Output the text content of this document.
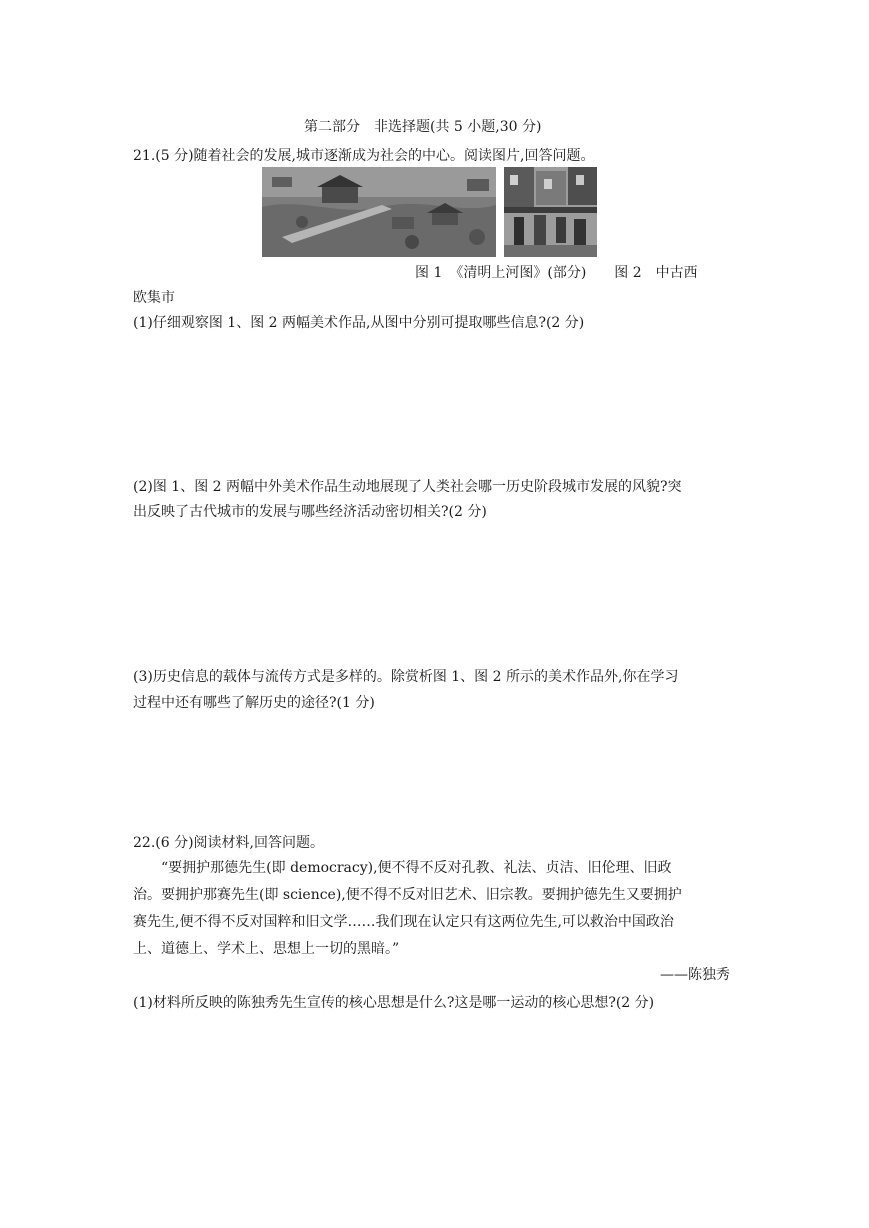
第二部分　非选择题(共 5 小题,30 分)
21.(5 分)随着社会的发展,城市逐渐成为社会的中心。阅读图片,回答问题。
图 1　《清明上河图》(部分)　　图 2　中古西
欧集市
(1)仔细观察图 1、图 2 两幅美术作品,从图中分别可提取哪些信息?(2 分)
(2)图 1、图 2 两幅中外美术作品生动地展现了人类社会哪一历史阶段城市发展的风貌?突
出反映了古代城市的发展与哪些经济活动密切相关?(2 分)
(3)历史信息的载体与流传方式是多样的。除赏析图 1、图 2 所示的美术作品外,你在学习
过程中还有哪些了解历史的途径?(1 分)
22.(6 分)阅读材料,回答问题。
“要拥护那德先生(即 democracy),便不得不反对孔教、礼法、贞洁、旧伦理、旧政
治。要拥护那赛先生(即 science),便不得不反对旧艺术、旧宗教。要拥护德先生又要拥护
赛先生,便不得不反对国粹和旧文学……我们现在认定只有这两位先生,可以救治中国政治
上、道德上、学术上、思想上一切的黑暗。”
——陈独秀
(1)材料所反映的陈独秀先生宣传的核心思想是什么?这是哪一运动的核心思想?(2 分)
